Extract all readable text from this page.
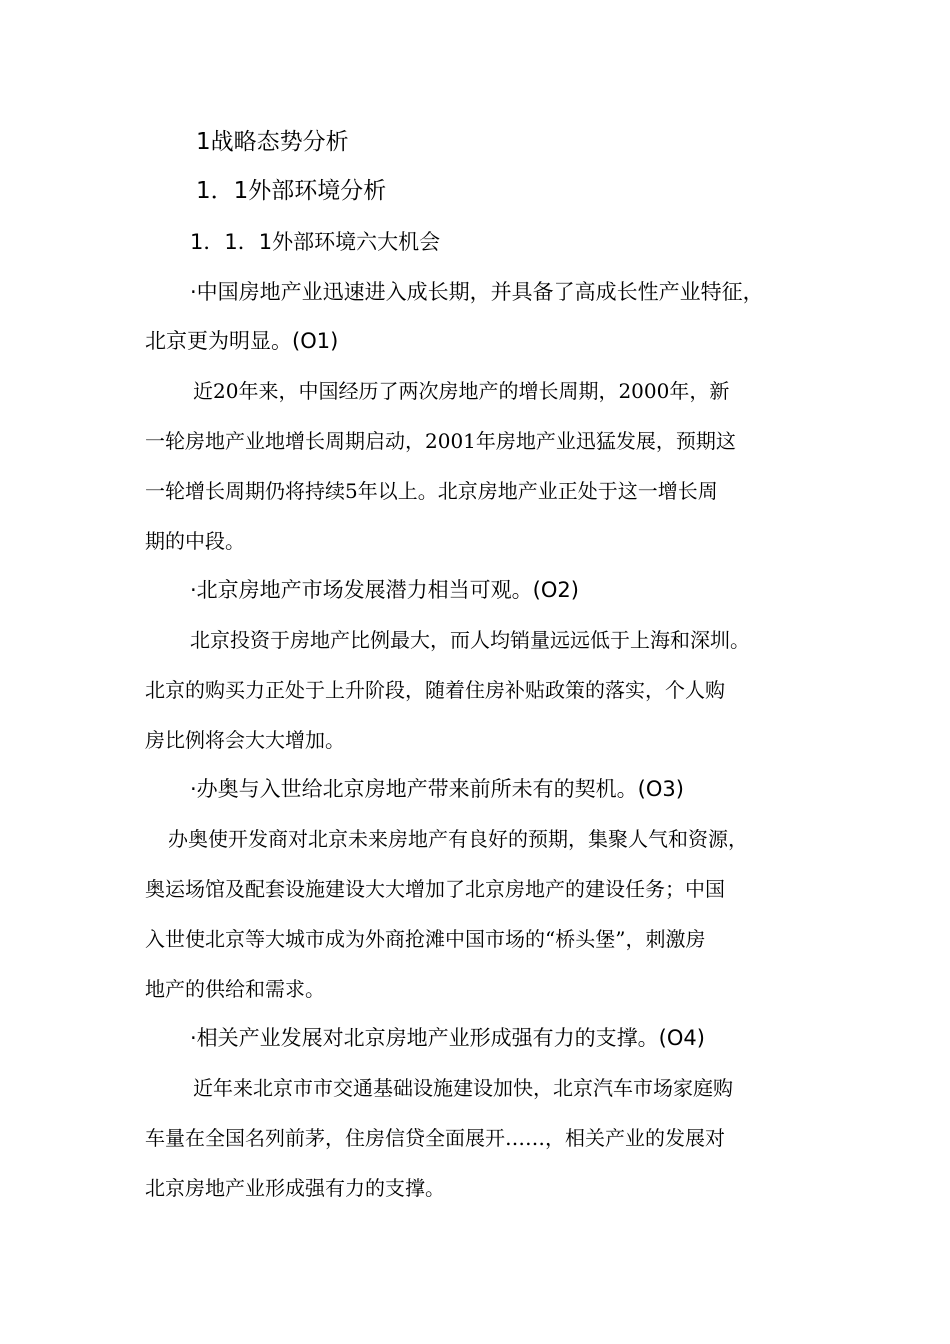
1战略态势分析
1．1外部环境分析
1．1．1外部环境六大机会
·中国房地产业迅速进入成长期，并具备了高成长性产业特征，
北京更为明显。(O1)
近20年来，中国经历了两次房地产的增长周期，2000年，新
一轮房地产业地增长周期启动，2001年房地产业迅猛发展，预期这
一轮增长周期仍将持续5年以上。北京房地产业正处于这一增长周
期的中段。
·北京房地产市场发展潜力相当可观。(O2)
北京投资于房地产比例最大，而人均销量远远低于上海和深圳。
北京的购买力正处于上升阶段，随着住房补贴政策的落实，个人购
房比例将会大大增加。
·办奥与入世给北京房地产带来前所未有的契机。(O3)
办奥使开发商对北京未来房地产有良好的预期，集聚人气和资源，
奥运场馆及配套设施建设大大增加了北京房地产的建设任务；中国
入世使北京等大城市成为外商抢滩中国市场的“桥头堡”，刺激房
地产的供给和需求。
·相关产业发展对北京房地产业形成强有力的支撑。(O4)
近年来北京市市交通基础设施建设加快，北京汽车市场家庭购
车量在全国名列前茅，住房信贷全面展开……，相关产业的发展对
北京房地产业形成强有力的支撑。
